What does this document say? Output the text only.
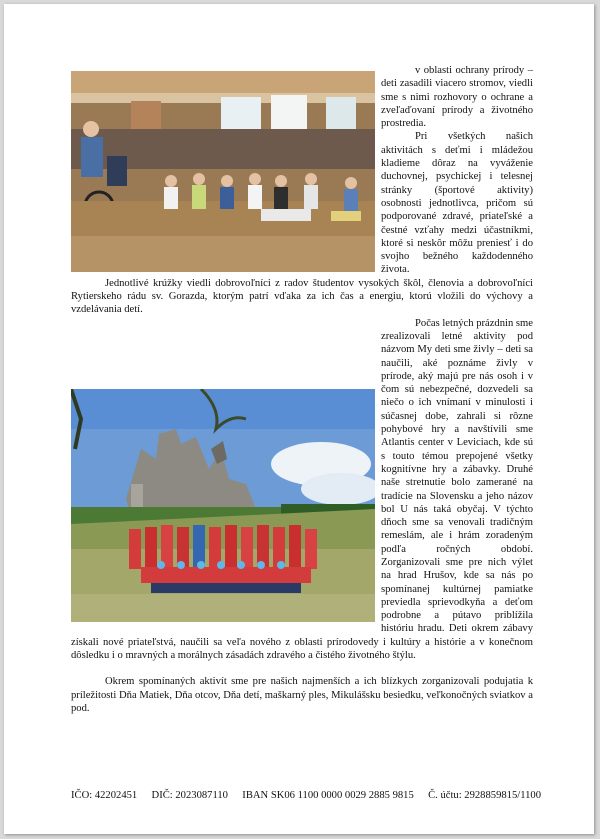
v oblasti ochrany prírody – deti zasadili viacero stromov, viedli sme s nimi rozhovory o ochrane a zveľaďovaní prírody a životného prostredia.

Pri všetkých našich aktivitách s deťmi i mládežou kladieme dôraz na vyváženie duchovnej, psychickej i telesnej stránky (športové aktivity) osobnosti jednotlivca, pričom sú podporované zdravé, priateľské a čestné vzťahy medzi účastníkmi, ktoré si neskôr môžu preniesť i do svojho bežného každodenného života.

Jednotlivé krúžky viedli dobrovoľníci z radov študentov vysokých škôl, členovia a dobrovoľníci Rytierskeho rádu sv. Gorazda, ktorým patrí vďaka za ich čas a energiu, ktorú vložili do výchovy a vzdelávania detí.

Počas letných prázdnin sme zrealizovali letné aktivity pod názvom My deti sme živly – deti sa naučili, aké poznáme živly v prírode, aký majú pre nás osoh i v čom sú nebezpečné, dozvedeli sa niečo o ich vnímaní v minulosti i súčasnej dobe, zahrali si rôzne pohybové hry a navštívili sme Atlantis center v Leviciach, kde sú s touto témou prepojené všetky kognitívne hry a zábavky. Druhé naše stretnutie bolo zamerané na tradície na Slovensku a jeho názov bol U nás taká obyčaj. V týchto dňoch sme sa venovali tradičným remeslám, ale i hrám zoradeným podľa ročných období. Zorganizovali sme pre nich výlet na hrad Hrušov, kde sa nás po spomínanej kultúrnej pamiatke previedla sprievodkyňa a deťom podrobne a pútavo priblížila históriu hradu. Deti okrem zábavy získali nové priateľstvá, naučili sa veľa nového z oblasti prírodovedy i kultúry a histórie a v konečnom dôsledku i o mravných a morálnych zásadách zdravého a čistého životného štýlu.

Okrem spomínaných aktivít sme pre našich najmenších a ich blízkych zorganizovali podujatia k príležitosti Dňa Matiek, Dňa otcov, Dňa detí, maškarný ples, Mikulášsku besiedku, veľkonočných sviatkov a pod.

IČO: 42202451 DIČ: 2023087110 IBAN SK06 1100 0000 0029 2885 9815 Č. účtu: 2928859815/1100
